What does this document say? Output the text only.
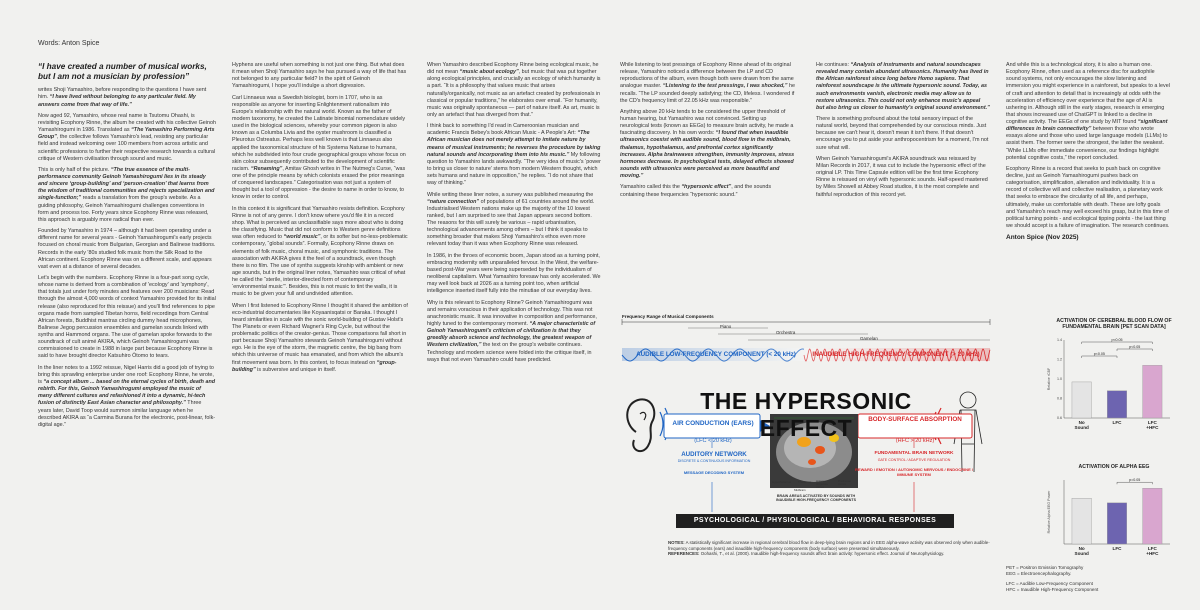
Words: Anton Spice
“I have created a number of musical works, but I am not a musician by profession”

writes Shoji Yamashiro, before responding to the questions I have sent him. “I have lived without belonging to any particular field. My answers come from that way of life.”

Now aged 92, Yamashiro, whose real name is Tsutomu Ohashi, is revisiting Ecophony Rinne, the album he created with his collective Geinoh Yamashirogumi in 1986. Translated as “The Yamashiro Performing Arts Group”, the collective follows Yamashiro's lead, resisting any particular field and instead welcoming over 100 members from across artistic and scientific professions to further their respective research towards a cultural critique of Western civilisation through sound and music.

This is only half of the picture. “The true essence of the multi-performance community Geinoh Yamashirogumi lies in its steady and sincere ‘group-building’ and ‘person-creation’ that learns from the wisdom of traditional communities and rejects specialization and single-function;” reads a translation from the group's website. As a guiding philosophy, Geinoh Yamashirogumi challenges conventions in form and process too. Forty years since Ecophony Rinne was released, this approach is arguably more radical than ever.

Founded by Yamashiro in 1974 – although it had been operating under a different name for several years - Geinoh Yamashirogumi's early projects focused on choral music from Bulgarian, Georgian and Balinese traditions. Records in the early '80s studied folk music from the Silk Road to the African continent. Ecophony Rinne was on a different scale, and appears vast even at a distance of several decades.

Let's begin with the numbers. Ecophony Rinne is a four-part song cycle, whose name is derived from a combination of 'ecology' and 'symphony', that totals just under forty minutes and features over 200 musicians: Read through the almost 4,000 words of context Yamashiro provided for its initial release (also reproduced for this reissue) and you'll find references to pipe organs made from sampled Tibetan horns, field recordings from Central African forests, Buddhist mantras circling dummy head microphones, Balinese Jegog percussion ensembles and gamelan sounds linked with synths and Hammond organs. The use of gamelan spoke forwards to the soundtrack of cult animé AKIRA, which Geinoh Yamashirogumi was commissioned to create in 1988 in large part because Ecophony Rinne is said to have brought director Katsuhiro Ōtomo to tears.

In the liner notes to a 1992 reissue, Nigel Harris did a good job of trying to bring this sprawling enterprise under one roof: Ecophony Rinne, he wrote, is “a concept album ... based on the eternal cycles of birth, death and rebirth. For this, Geinoh Yamashirogumi employed the music of many different cultures and refashioned it into a dynamic, hi-tech fusion of distinctly East Asian character and philosophy.” Three years later, David Toop would summon similar language when he described AKIRA as “a Carmina Burana for the electronic, post-linear, folk-digital age.”

Hyphens are useful when something is not just one thing. But what does it mean when Shoji Yamashiro says he has pursued a way of life that has not belonged to any particular field? In the spirit of Geinoh Yamashirogumi, I hope you'll indulge a short digression.

Carl Linnaeus was a Swedish biologist, born in 1707, who is as responsible as anyone for inserting Enlightenment rationalism into Europe's relationship with the natural world. Known as the father of modern taxonomy, he created the Latinate binomial nomenclature widely used in the biological sciences, whereby your common pigeon is also known as a Columba Livia and the oyster mushroom is classified a Pleurotus Ostreatus. Perhaps less well known is that Linnaeus also applied the taxonomical structure of his Systema Naturae to humans, which he subdivided into four crude geographical groups whose focus on skin colour subsequently contributed to the development of scientific racism. “Renaming”, Amitav Ghosh writes in The Nutmeg's Curse, “was one of the principle means by which colonists erased the prior meanings of conquered landscapes.” Categorisation was not just a system of thought but a tool of oppression - the desire to name in order to know, to know in order to control.

In this context it is significant that Yamashiro resists definition. Ecophony Rinne is not of any genre. I don't know where you'd file it in a record shop. What is perceived as unclassifiable says more about who is doing the classifying. Music that did not conform to Western genre definitions was often reduced to “world music”, or its softer but no-less-problematic contemporary, “global sounds”. Formally, Ecophony Rinne draws on elements of folk music, choral music, and symphonic traditions. The association with AKIRA gives it the feel of a soundtrack, even though there is no film. The use of synths suggests kinship with ambient or new age sounds, but in the original liner notes, Yamashiro was critical of what he called the “sterile, interior-directed form of contemporary ‘environmental music’”. Besides, this is not music to tint the walls, it is music to be given your full and undivided attention.

When I first listened to Ecophony Rinne I thought it shared the ambition of eco-industrial documentaries like Koyaanisqatsi or Baraka. I thought I heard similarities in scale with the sonic world-building of Gustav Holst's The Planets or even Richard Wagner's Ring Cycle, but without the problematic politics of the creator-genius. Those comparisons fall short in part because Shoji Yamashiro stewards Geinoh Yamashirogumi without ego. He is the eye of the storm, the magnetic centre, the big bang from which this universe of music has emanated, and from which the album's first movement was born. In this context, to focus instead on “group-building” is subversive and unique in itself.

When Yamashiro described Ecophony Rinne being ecological music, he did not mean “music about ecology”, but music that was put together along ecological principles, and crucially an ecology of which humanity is a part. “It is a philosophy that values music that arises naturally/organically, not music as an artefact created by professionals in classical or popular traditions,” he elaborates over email. “For humanity, music was originally spontaneous — part of nature itself. As art, music is only an artefact that has diverged from that.”

I think back to something I'd read in Cameroonian musician and academic Francis Bebey's book African Music - A People's Art: “The African musician does not merely attempt to imitate nature by means of musical instruments; he reverses the procedure by taking natural sounds and incorporating them into his music.” My following question to Yamashiro lands awkwardly. “The very idea of music's ‘power to bring us closer to nature’ stems from modern Western thought, which sets humans and nature in opposition,” he replies. “I do not share that way of thinking.”

While writing these liner notes, a survey was published measuring the “nature connection” of populations of 61 countries around the world. Industrialised Western nations make up the majority of the 10 lowest ranked, but I am surprised to see that Japan appears second bottom. The reasons for this will surely be various – rapid urbanisation, technological advancements among others – but I think it speaks to something broader that makes Shoji Yamashiro's ethos even more relevant today than it was when Ecophony Rinne was released.

In 1986, in the throes of economic boom, Japan stood as a turning point, embracing modernity with unparalleled fervour. In the West, the welfare-based post-War years were being superseded by the individualism of neoliberal capitalism. What Yamashiro foresaw has only accelerated. We may well look back at 2026 as a turning point too, when artificial intelligence inserted itself fully into the minutiae of our everyday lives.

Why is this relevant to Ecophony Rinne? Geinoh Yamashirogumi was and remains voracious in their application of technology. This was not anachronistic music. It was innovative in composition and performance, highly tuned to the contemporary moment. “A major characteristic of Geinoh Yamashirogumi's criticism of civilization is that they greedily absorb science and technology, the greatest weapon of Western civilization,” the text on the group's website continues. Technology and modern science were folded into the critique itself, in ways that not even Yamashiro could have predicted.

While listening to test pressings of Ecophony Rinne ahead of its original release, Yamashiro noticed a difference between the LP and CD reproductions of the album, even though both were drawn from the same analogue master. “Listening to the test pressings, I was shocked,” he recalls. “The LP sounded deeply satisfying; the CD, lifeless. I wondered if the CD's frequency limit of 22.05 kHz was responsible.”

Anything above 20 kHz tends to be considered the upper threshold of human hearing, but Yamashiro was not convinced. Setting up neurological tests (known as EEGs) to measure brain activity, he made a fascinating discovery. In his own words: “I found that when inaudible ultrasonics coexist with audible sound, blood flow in the midbrain, thalamus, hypothalamus, and prefrontal cortex significantly increases. Alpha brainwaves strengthen, immunity improves, stress hormones decrease. In psychological tests, delayed effects showed sounds with ultrasonics were perceived as more beautiful and moving.”

Yamashiro called this the “hypersonic effect”, and the sounds containing these frequencies “hypersonic sound.”

He continues: “Analysis of instruments and natural soundscapes revealed many contain abundant ultrasonics. Humanity has lived in the African rainforest since long before Homo sapiens. That rainforest soundscape is the ultimate hypersonic sound. Today, as such environments vanish, electronic media may allow us to restore ultrasonics. This could not only enhance music's appeal but also bring us closer to humanity's original sound environment.”

There is something profound about the total sensory impact of the natural world, beyond that comprehended by our conscious minds. Just because we can't hear it, doesn't mean it isn't there. If that doesn't encourage you to put aside your anthropocentrism for a moment, I'm not sure what will.

When Geinoh Yamashirogumi's AKIRA soundtrack was reissued by Milan Records in 2017, it was cut to include the hypersonic effect of the original LP. This Time Capsule edition will be the first time Ecophony Rinne is reissued on vinyl with hypersonic sounds. Half-speed mastered by Miles Showell at Abbey Road studios, it is the most complete and faithful reproduction of this record yet.

And while this is a technological story, it is also a human one. Ecophony Rinne, often used as a reference disc for audiophile sound systems, not only encourages the slow listening and immersion you might experience in a rainforest, but speaks to a level of craft and attention to detail that is increasingly at odds with the acceleration of efficiency over experience that the age of AI is ushering in. Although still in the early stages, research is emerging that shows increased use of ChatGPT is linked to a decline in cognitive activity. The EEGs of one study by MIT found “significant differences in brain connectivity” between those who wrote essays alone and those who used large language models (LLMs) to assist them. The former were the strongest, the latter the weakest. “While LLMs offer immediate convenience, our findings highlight potential cognitive costs,” the report concluded.

Ecophony Rinne is a record that seeks to push back on cognitive decline, just as Geinoh Yamashirogumi pushes back on categorisation, simplification, alienation and individuality. It is a record of collective will and collective realisation, a planetary work that seeks to embrace the circularity of all life, and perhaps, ultimately, make us comfortable with death. These are lofty goals and Yamashiro's reach may well exceed his grasp, but in this time of political turning points - and ecological tipping points - the last thing we should accept is a failure of imagination. The research continues.

Anton Spice (Nov 2025)
Frequency Range of Musical Components
Piano
Orchestra
Gamelan
AUDIBLE LOW-FREQUENCY COMPONENT (< 20 kHz)	INAUDIBLE HIGH-FREQUENCY COMPONENT (> 20 kHz)
THE HYPERSONIC EFFECT
AIR CONDUCTION (EARS)
(LFC < 20 kHz)
AUDITORY NETWORK
DISCRETE & CONTINUOUS INFORMATION
MESSAGE DECODING SYSTEM
BODY-SURFACE ABSORPTION
(HFC > 20 kHz)
FUNDAMENTAL BRAIN NETWORK
GATE CONTROL / ADAPTIVE REGULATION
REWARD / EMOTION / AUTONOMIC NERVOUS / ENDOCRINE / IMMUNE SYSTEM
Hypothalamus Thalamus Anterior cingulate cortex
Prefrontal cortex
Midbrain
BRAIN AREAS ACTIVATED BY SOUNDS WITH INAUDIBLE HIGH-FREQUENCY COMPONENTS
PSYCHOLOGICAL / PHYSIOLOGICAL / BEHAVIORAL RESPONSES
NOTES: A statistically significant increase in regional cerebral blood flow in deep-lying brain regions and in EEG alpha-wave activity was observed only when audible-frequency components (ears) and inaudible high-frequency components (body surface) were presented simultaneously.
REFERENCES: Oohashi, T., et al. (2000). Inaudible high-frequency sounds affect brain activity: hypersonic effect. Journal of Neurophysiology.
PET = Positron Emission Tomography
EEG = Electroencephalography.
LFC = Audible Low-Frequency Component
HFC = Inaudible High-Frequency Component
ACTIVATION OF CEREBRAL BLOOD FLOW OF FUNDAMENTAL BRAIN [PET SCAN DATA]
Relative rCBF
0.6
0.8
1.0
1.2
1.4
No
Sound
LFC	LFC
+HFC
p<0.05
p<0.05
p<0.05
ACTIVATION OF ALPHA EEG
Relative Alpha EEG Power
No
Sound
LFC	LFC
+HFC
p=0.05
